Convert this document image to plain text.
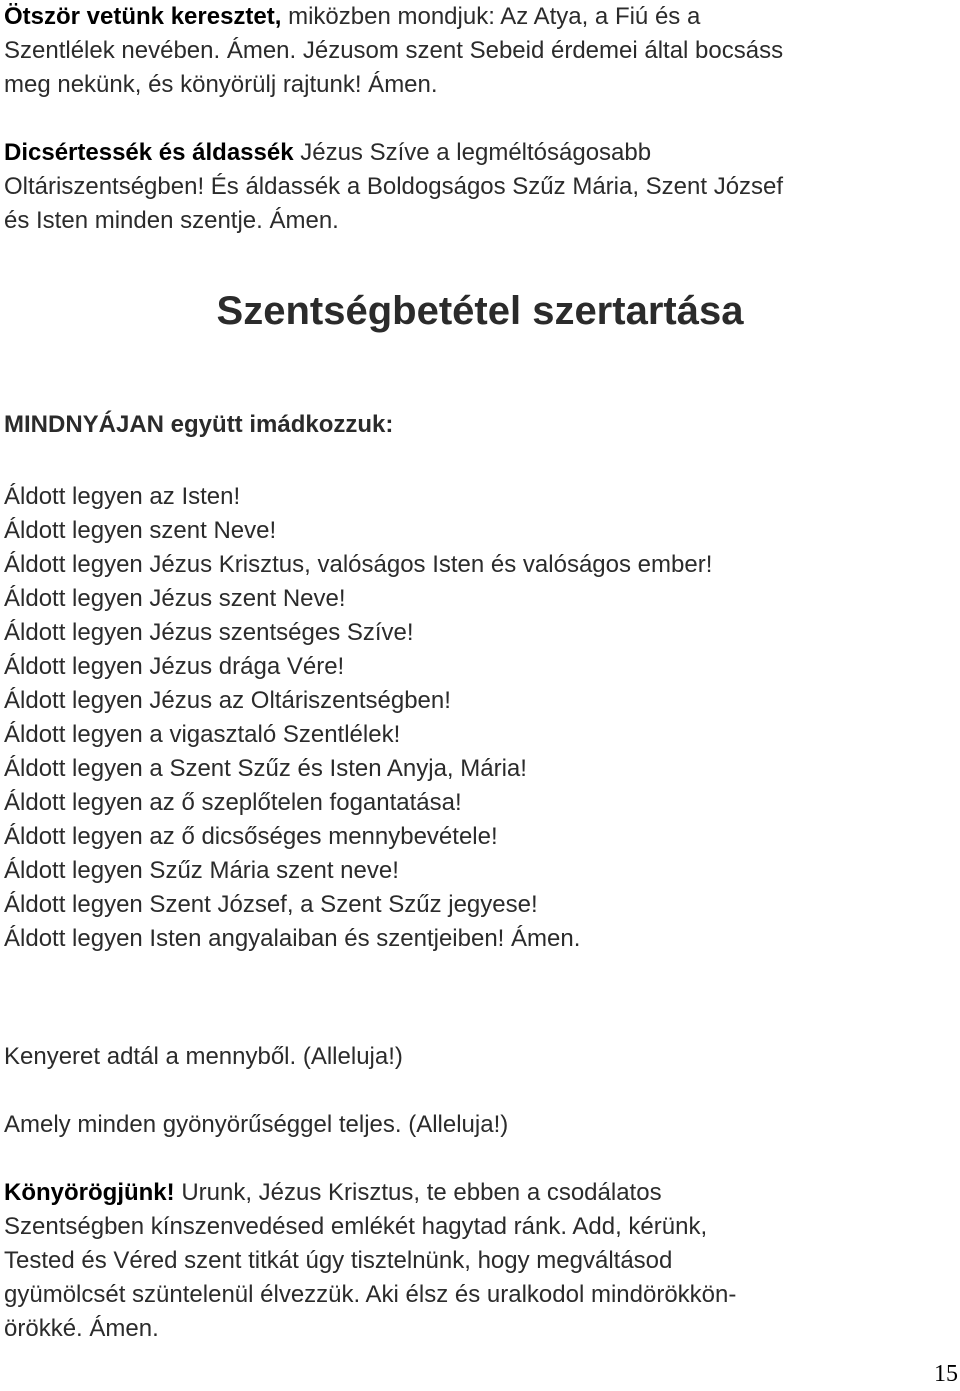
Ötször vetünk keresztet, miközben mondjuk: Az Atya, a Fiú és a
Szentlélek nevében. Ámen. Jézusom szent Sebeid érdemei által bocsáss
meg nekünk, és könyörülj rajtunk! Ámen.

Dicsértessék és áldassék Jézus Szíve a legméltóságosabb
Oltáriszentségben! És áldassék a Boldogságos Szűz Mária, Szent József
és Isten minden szentje. Ámen.

Szentségbetétel szertartása
MINDNYÁJAN együtt imádkozzuk:
Áldott legyen az Isten!
Áldott legyen szent Neve!
Áldott legyen Jézus Krisztus, valóságos Isten és valóságos ember!
Áldott legyen Jézus szent Neve!
Áldott legyen Jézus szentséges Szíve!
Áldott legyen Jézus drága Vére!
Áldott legyen Jézus az Oltáriszentségben!
Áldott legyen a vigasztaló Szentlélek!
Áldott legyen a Szent Szűz és Isten Anyja, Mária!
Áldott legyen az ő szeplőtelen fogantatása!
Áldott legyen az ő dicsőséges mennybevétele!
Áldott legyen Szűz Mária szent neve!
Áldott legyen Szent József, a Szent Szűz jegyese!
Áldott legyen Isten angyalaiban és szentjeiben! Ámen.

Kenyeret adtál a mennyből. (Alleluja!)

Amely minden gyönyörűséggel teljes. (Alleluja!)

Könyörögjünk! Urunk, Jézus Krisztus, te ebben a csodálatos
Szentségben kínszenvedésed emlékét hagytad ránk. Add, kérünk,
Tested és Véred szent titkát úgy tisztelnünk, hogy megváltásod
gyümölcsét szüntelenül élvezzük. Aki élsz és uralkodol mindörökkön-
örökké. Ámen.

15
